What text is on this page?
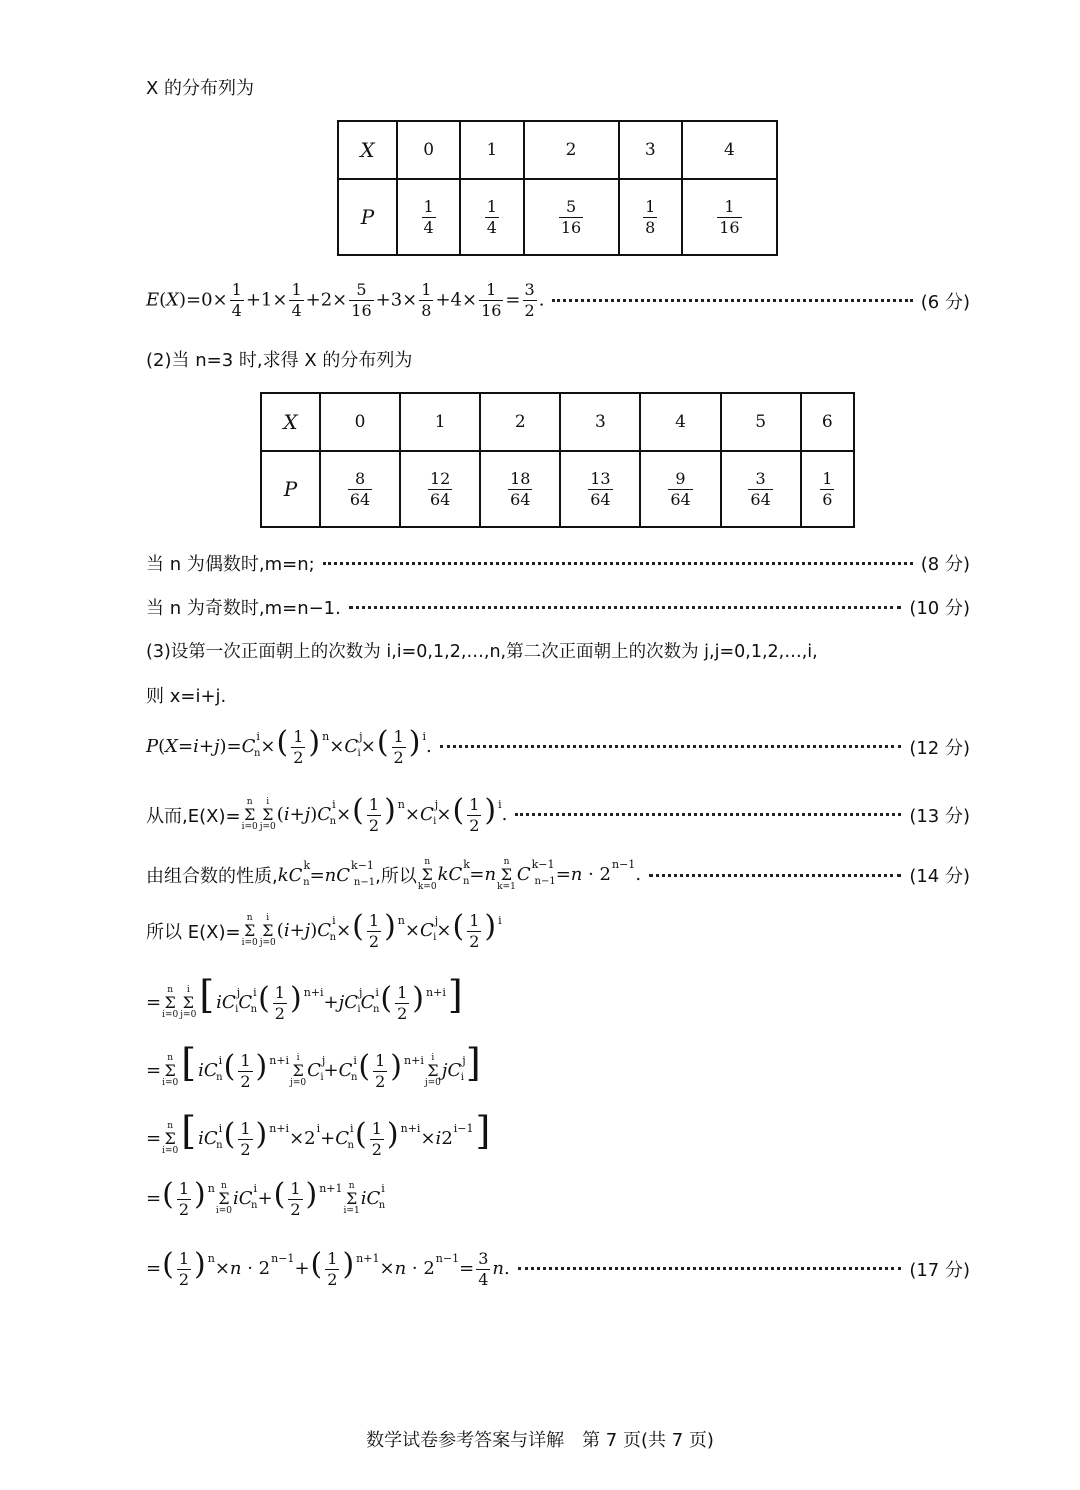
X 的分布列为
X	0	1	2	3	4
P	$\frac{1}{4}$	$\frac{1}{4}$	$\frac{5}{16}$	$\frac{1}{8}$	$\frac{1}{16}$
$E(X)=0\times \frac{1}{4} +1\times \frac{1}{4} +2\times \frac{5}{16} +3\times \frac{1}{8} +4\times \frac{1}{16} = \frac{3}{2}$ .	(6 分)
(2)当 n=3 时,求得 X 的分布列为
X	0	1	2	3	4	5	6
P	$\frac{8}{64}$	$\frac{12}{64}$	$\frac{18}{64}$	$\frac{13}{64}$	$\frac{9}{64}$	$\frac{3}{64}$	$\frac{1}{6}$
当 n 为偶数时,m=n;	(8 分)
当 n 为奇数时,m=n−1.	(10 分)
(3)设第一次正面朝上的次数为 i,i=0,1,2,…,n,第二次正面朝上的次数为 j,j=0,1,2,…,i,
则 x=i+j.
$P(X=i+j)=C^i_n\times( \frac{1}{2}$ ) $^n\times C^j_i\times( \frac{1}{2}$ ) $^i$.	(12 分)
从而,E(X)=
n
Σ
i=0
i
Σ
j=0
$(i+j)C^i_n\times( \frac{1}{2}$ ) $^n\times C^j_i\times( \frac{1}{2}$ ) $^i$.	(13 分)
由组合数的性质, $kC^k_n=nC^{k-1}_{n-1}$ ,所以
n
Σ
k=0
$kC^k_n=n$
n
Σ
k=1
$C^{k-1}_{n-1}=n \cdot 2^{n-1}$.	(14 分)
所以 E(X)=
n
Σ
i=0
i
Σ
j=0
$(i+j)C^i_n\times( \frac{1}{2}$ ) $^n\times C^j_i\times( \frac{1}{2}$ ) $^i$
=
n
Σ
i=0
i
Σ
j=0 [ $iC^j_iC^i_n( \frac{1}{2}$ ) $^{n+i}+jC^j_iC^i_n( \frac{1}{2}$ ) $^{n+i}$]
=
n
Σ
i=0 [ $iC^i_n( \frac{1}{2}$ ) $^{n+i}$ i
Σ
j=0
$C^j_i+C^i_n( \frac{1}{2}$ ) $^{n+i}$ i
Σ
j=0
$jC^j_i$]
=
n
Σ
i=0 [ $iC^i_n( \frac{1}{2}$ ) $^{n+i}\times 2^i+C^i_n( \frac{1}{2}$ ) $^{n+i}\times i2^{i-1}$]
=( $\frac{1}{2}$ ) $^n$ n
Σ
i=0
$iC^i_n+( \frac{1}{2}$ ) $^{n+1}$ n
Σ
i=1
$iC^i_n$
=( $\frac{1}{2}$ ) $^n\times n \cdot 2^{n-1}+( \frac{1}{2}$ ) $^{n+1}\times n \cdot 2^{n-1}= \frac{3}{4} n$.	(17 分)
数学试卷参考答案与详解　第 7 页(共 7 页)
